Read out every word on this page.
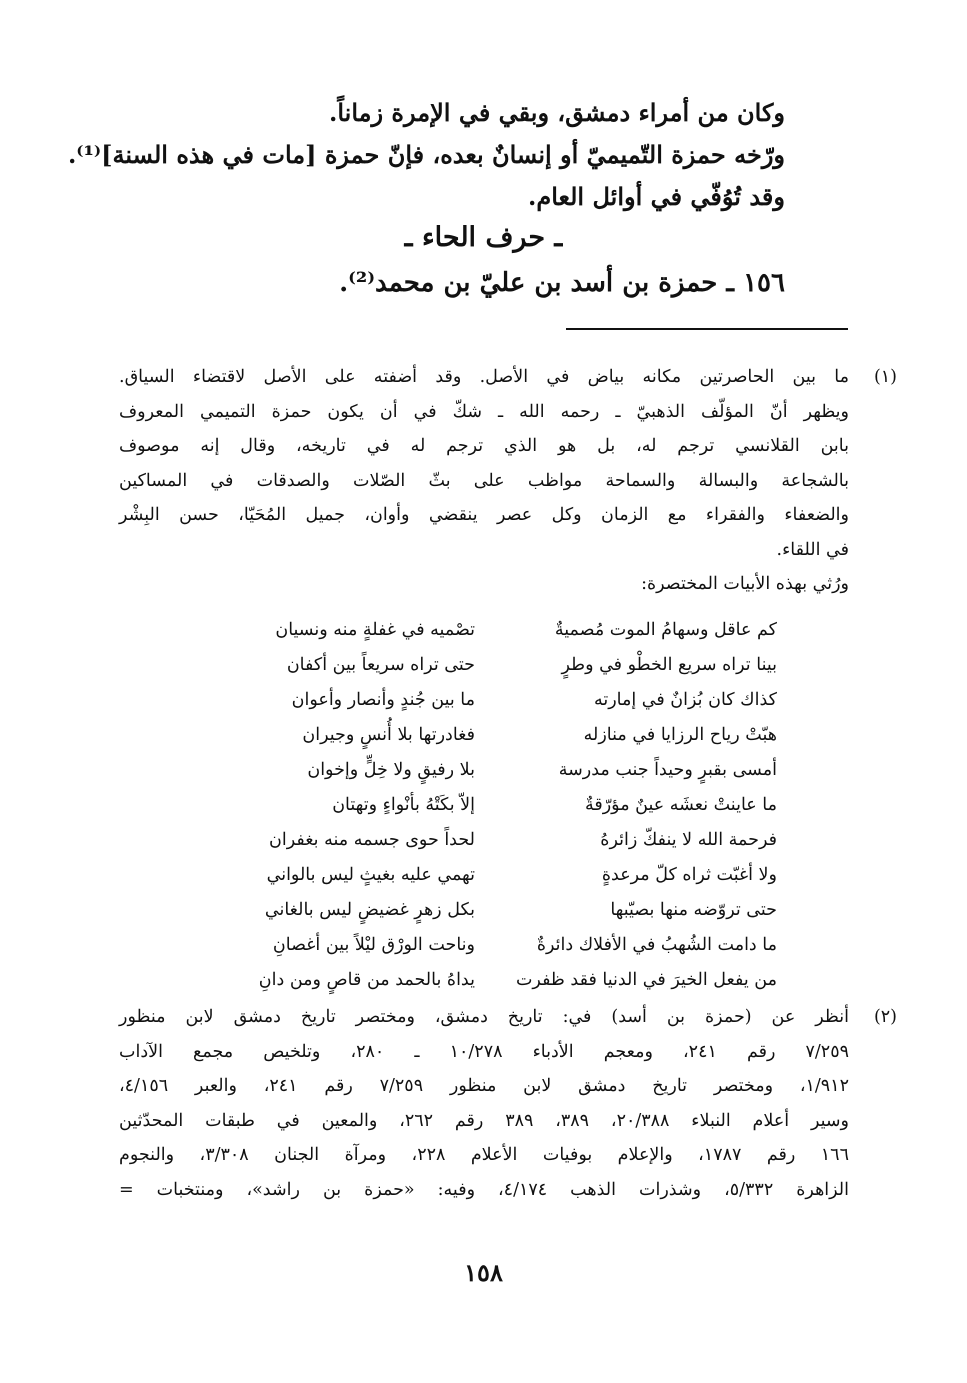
وكان من أمراء دمشق، وبقي في الإمرة زماناً.
ورّخه حمزة التّميميّ أو إنسانٌ بعده، فإنّ حمزة [مات في هذه السنة]⁽¹⁾.
وقد تُوُفّي في أوائل العام.
ـ حرف الحاء ـ
١٥٦ ـ حمزة بن أسد بن عليّ بن محمد⁽²⁾.
(١)
ما بين الحاصرتين مكانه بياض في الأصل. وقد أضفته على الأصل لاقتضاء السياق.
ويظهر أنّ المؤلّف الذهبيّ ـ رحمه الله ـ شكّ في أن يكون حمزة التميمي المعروف
بابن القلانسي ترجم له، بل هو الذي ترجم له في تاريخه، وقال إنه موصوف
بالشجاعة والبسالة والسماحة مواظب على بثّ الصّلات والصدقات في المساكين
والضعفاء والفقراء مع الزمان وكل عصر ينقضي وأوان، جميل المُحَيّا، حسن البِشْر
في اللقاء.
ورُثي بهذه الأبيات المختصرة:
كم عاقل وسهامُ الموت مُصميةٌ
تصْميه في غفلةٍ منه ونسيان
بينا تراه سريع الخطْو في وطرٍ
حتى تراه سريعاً بين أكفان
كذاك كان بُزانٌ في إمارته
ما بين جُندٍ وأنصار وأعوان
هبّتْ رياح الرزايا في منازله
فغادرتها بلا أُنسٍ وجيران
أمسى بقبرٍ وحيداً جنب مدرسة
بلا رفيقٍ ولا خِلٍّ وإخوان
ما عاينتْ نعشَه عينٌ مؤرّقةٌ
إلاّ بكَتْهُ بأنْواءٍ وتهتان
فرحمة الله لا ينفكّ زائرهُ
لحداً حوى جسمه منه بغفران
ولا أغبّت ثراه كلّ مرعدةٍ
تهمي عليه بغيثٍ ليس بالواني
حتى تروّضه منها بصيّبها
بكل زهرٍ غضيضٍ ليس بالغاني
ما دامت الشُهبُ في الأفلاك دائرةٌ
وناحت الورْق ليْلاً بين أغصانِ
من يفعل الخيرَ في الدنيا فقد ظفرت
يداهُ بالحمد من قاصٍ ومن دانِ
(٢)
أنظر عن (حمزة بن أسد) في: تاريخ دمشق، ومختصر تاريخ دمشق لابن منظور
٧/٢٥٩ رقم ٢٤١، ومعجم الأدباء ١٠/٢٧٨ ـ ٢٨٠، وتلخيص مجمع الآداب
١/٩١٢، ومختصر تاريخ دمشق لابن منظور ٧/٢٥٩ رقم ٢٤١، والعبر ٤/١٥٦،
وسير أعلام النبلاء ٢٠/٣٨٨، ٣٨٩، ٣٨٩ رقم ٢٦٢، والمعين في طبقات المحدّثين
١٦٦ رقم ١٧٨٧، والإعلام بوفيات الأعلام ٢٢٨، ومرآة الجنان ٣/٣٠٨، والنجوم
الزاهرة ٥/٣٣٢، وشذرات الذهب ٤/١٧٤، وفيه: «حمزة بن راشد»، ومنتخبات =
١٥٨
